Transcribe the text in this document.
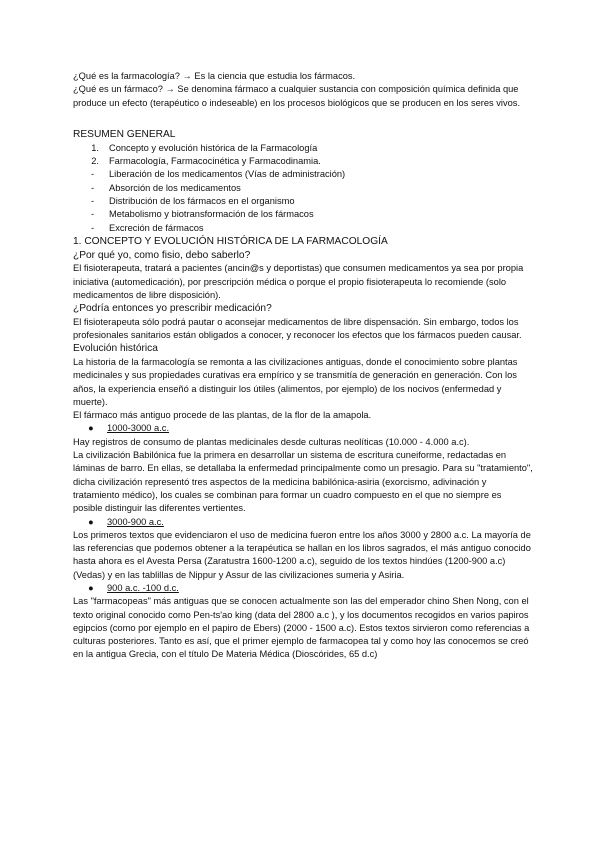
¿Qué es la farmacología? → Es la ciencia que estudia los fármacos.

¿Qué es un fármaco? → Se denomina fármaco a cualquier sustancia con composición química definida que produce un efecto (terapéutico o indeseable) en los procesos biológicos que se producen en los seres vivos.

RESUMEN GENERAL

1.	Concepto y evolución histórica de la Farmacología
2.	Farmacología, Farmacocinética y Farmacodinamia.
-	Liberación de los medicamentos (Vías de administración)
-	Absorción de los medicamentos
-	Distribución de los fármacos en el organismo
-	Metabolismo y biotransformación de los fármacos
-	Excreción de fármacos

1. CONCEPTO Y EVOLUCIÓN HISTÓRICA DE LA FARMACOLOGÍA

¿Por qué yo, como fisio, debo saberlo?

El fisioterapeuta, tratará a pacientes (ancin@s y deportistas) que consumen medicamentos ya sea por propia iniciativa (automedicación), por prescripción médica o porque el propio fisioterapeuta lo recomiende (solo medicamentos de libre disposición).

¿Podría entonces yo prescribir medicación?

El fisioterapeuta sólo podrá pautar o aconsejar medicamentos de libre dispensación. Sin embargo, todos los profesionales sanitarios están obligados a conocer, y reconocer los efectos que los fármacos pueden causar.

Evolución histórica

La historia de la farmacología se remonta a las civilizaciones antiguas, donde el conocimiento sobre plantas medicinales y sus propiedades curativas era empírico y se transmitía de generación en generación. Con los años, la experiencia enseñó a distinguir los útiles (alimentos, por ejemplo) de los nocivos (enfermedad y muerte).

El fármaco más antiguo procede de las plantas, de la flor de la amapola.

●	1000-3000 a.c.

Hay registros de consumo de plantas medicinales desde culturas neolíticas (10.000 - 4.000 a.c).

La civilización Babilónica fue la primera en desarrollar un sistema de escritura cuneiforme, redactadas en láminas de barro. En ellas, se detallaba la enfermedad principalmente como un presagio. Para su "tratamiento", dicha civilización representó tres aspectos de la medicina babilónica-asiria (exorcismo, adivinación y tratamiento médico), los cuales se combinan para formar un cuadro compuesto en el que no siempre es posible distinguir las diferentes vertientes.

●	3000-900 a.c.

Los primeros textos que evidenciaron el uso de medicina fueron entre los años 3000 y 2800 a.c. La mayoría de las referencias que podemos obtener a la terapéutica se hallan en los libros sagrados, el más antiguo conocido hasta ahora es el Avesta Persa (Zaratustra 1600-1200 a.c), seguido de los textos hindúes (1200-900 a.c) (Vedas) y en las tablillas de Nippur y Assur de las civilizaciones sumeria y Asiria.

●	900 a.c. -100 d.c.

Las "farmacopeas" más antiguas que se conocen actualmente son las del emperador chino Shen Nong, con el texto original conocido como Pen-ts'ao king (data del 2800 a.c ), y los documentos recogidos en varios papiros egipcios (como por ejemplo en el papiro de Ebers) (2000 - 1500 a.c). Estos textos sirvieron como referencias a culturas posteriores. Tanto es así, que el primer ejemplo de farmacopea tal y como hoy las conocemos se creó en la antigua Grecia, con el título De Materia Médica (Dioscórides, 65 d.c)
